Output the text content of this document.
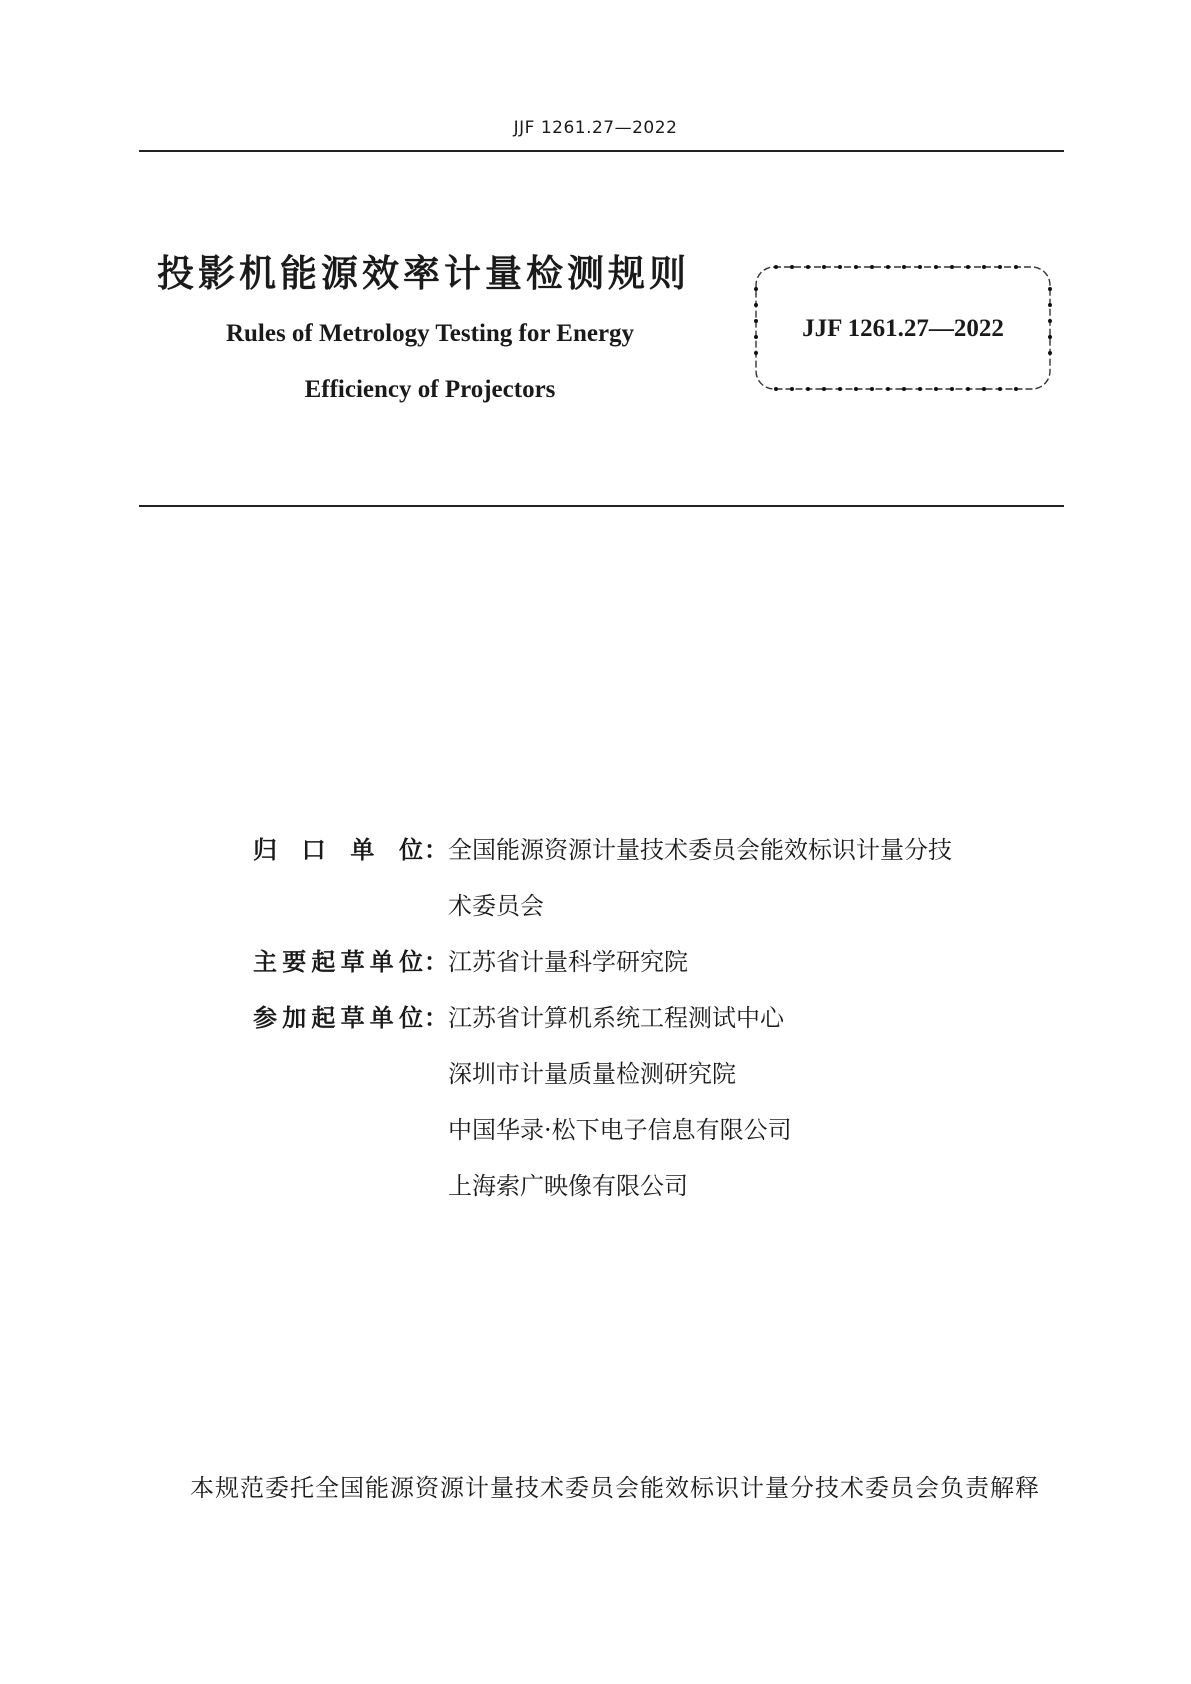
JJF 1261.27—2022
投影机能源效率计量检测规则
Rules of Metrology Testing for Energy
Efficiency of Projectors
JJF 1261.27—2022
归 口 单 位 ： 全国能源资源计量技术委员会能效标识计量分技
术委员会
主 要 起 草 单 位 ： 江苏省计量科学研究院
参 加 起 草 单 位 ： 江苏省计算机系统工程测试中心
深圳市计量质量检测研究院
中国华录·松下电子信息有限公司
上海索广映像有限公司
本规范委托全国能源资源计量技术委员会能效标识计量分技术委员会负责解释
